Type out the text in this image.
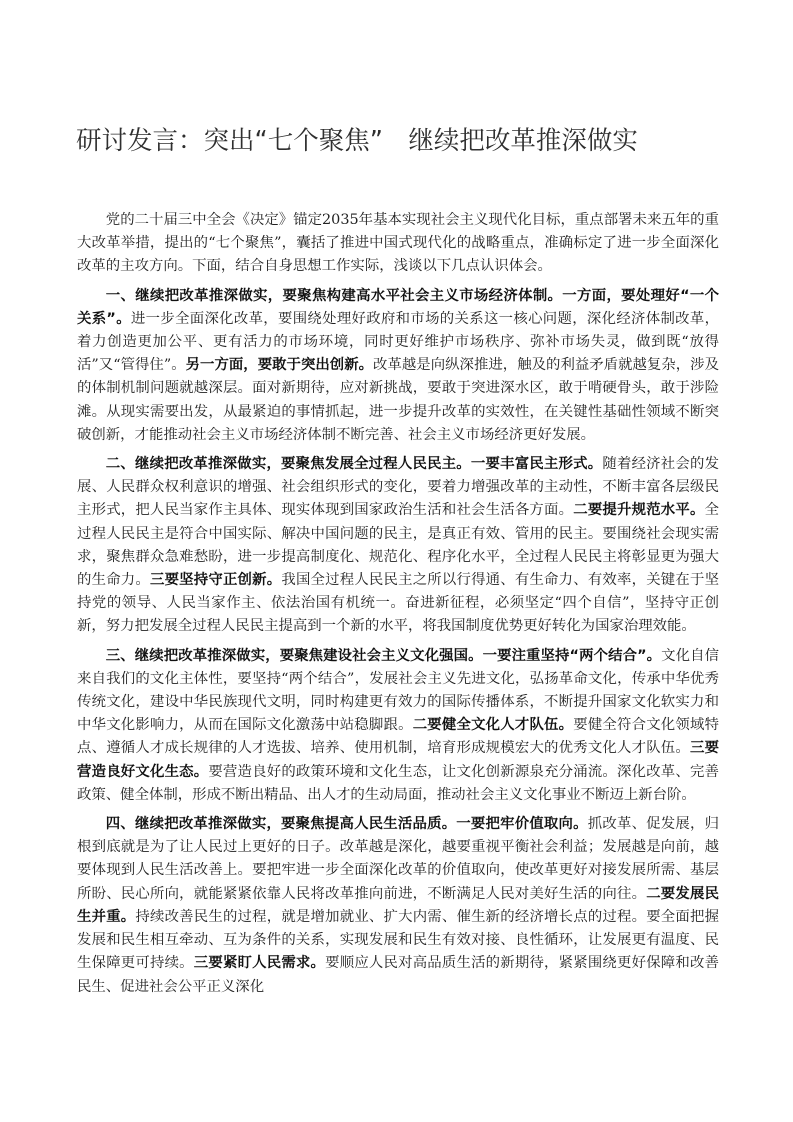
研讨发言：突出“七个聚焦”　继续把改革推深做实

党的二十届三中全会《决定》锚定2035年基本实现社会主义现代化目标，重点部署未来五年的重大改革举措，提出的“七个聚焦”，囊括了推进中国式现代化的战略重点，准确标定了进一步全面深化改革的主攻方向。下面，结合自身思想工作实际，浅谈以下几点认识体会。

一、继续把改革推深做实，要聚焦构建高水平社会主义市场经济体制。一方面，要处理好“一个关系”。进一步全面深化改革，要围绕处理好政府和市场的关系这一核心问题，深化经济体制改革，着力创造更加公平、更有活力的市场环境，同时更好维护市场秩序、弥补市场失灵，做到既“放得活”又“管得住”。另一方面，要敢于突出创新。改革越是向纵深推进，触及的利益矛盾就越复杂，涉及的体制机制问题就越深层。面对新期待，应对新挑战，要敢于突进深水区，敢于啃硬骨头，敢于涉险滩。从现实需要出发，从最紧迫的事情抓起，进一步提升改革的实效性，在关键性基础性领域不断突破创新，才能推动社会主义市场经济体制不断完善、社会主义市场经济更好发展。

二、继续把改革推深做实，要聚焦发展全过程人民民主。一要丰富民主形式。随着经济社会的发展、人民群众权利意识的增强、社会组织形式的变化，要着力增强改革的主动性，不断丰富各层级民主形式，把人民当家作主具体、现实体现到国家政治生活和社会生活各方面。二要提升规范水平。全过程人民民主是符合中国实际、解决中国问题的民主，是真正有效、管用的民主。要围绕社会现实需求，聚焦群众急难愁盼，进一步提高制度化、规范化、程序化水平，全过程人民民主将彰显更为强大的生命力。三要坚持守正创新。我国全过程人民民主之所以行得通、有生命力、有效率，关键在于坚持党的领导、人民当家作主、依法治国有机统一。奋进新征程，必须坚定“四个自信”，坚持守正创新，努力把发展全过程人民民主提高到一个新的水平，将我国制度优势更好转化为国家治理效能。

三、继续把改革推深做实，要聚焦建设社会主义文化强国。一要注重坚持“两个结合”。文化自信来自我们的文化主体性，要坚持“两个结合”，发展社会主义先进文化，弘扬革命文化，传承中华优秀传统文化，建设中华民族现代文明，同时构建更有效力的国际传播体系，不断提升国家文化软实力和中华文化影响力，从而在国际文化激荡中站稳脚跟。二要健全文化人才队伍。要健全符合文化领域特点、遵循人才成长规律的人才选拔、培养、使用机制，培育形成规模宏大的优秀文化人才队伍。三要营造良好文化生态。要营造良好的政策环境和文化生态，让文化创新源泉充分涌流。深化改革、完善政策、健全体制，形成不断出精品、出人才的生动局面，推动社会主义文化事业不断迈上新台阶。

四、继续把改革推深做实，要聚焦提高人民生活品质。一要把牢价值取向。抓改革、促发展，归根到底就是为了让人民过上更好的日子。改革越是深化，越要重视平衡社会利益；发展越是向前，越要体现到人民生活改善上。要把牢进一步全面深化改革的价值取向，使改革更好对接发展所需、基层所盼、民心所向，就能紧紧依靠人民将改革推向前进，不断满足人民对美好生活的向往。二要发展民生并重。持续改善民生的过程，就是增加就业、扩大内需、催生新的经济增长点的过程。要全面把握发展和民生相互牵动、互为条件的关系，实现发展和民生有效对接、良性循环，让发展更有温度、民生保障更可持续。三要紧盯人民需求。要顺应人民对高品质生活的新期待，紧紧围绕更好保障和改善民生、促进社会公平正义深化
